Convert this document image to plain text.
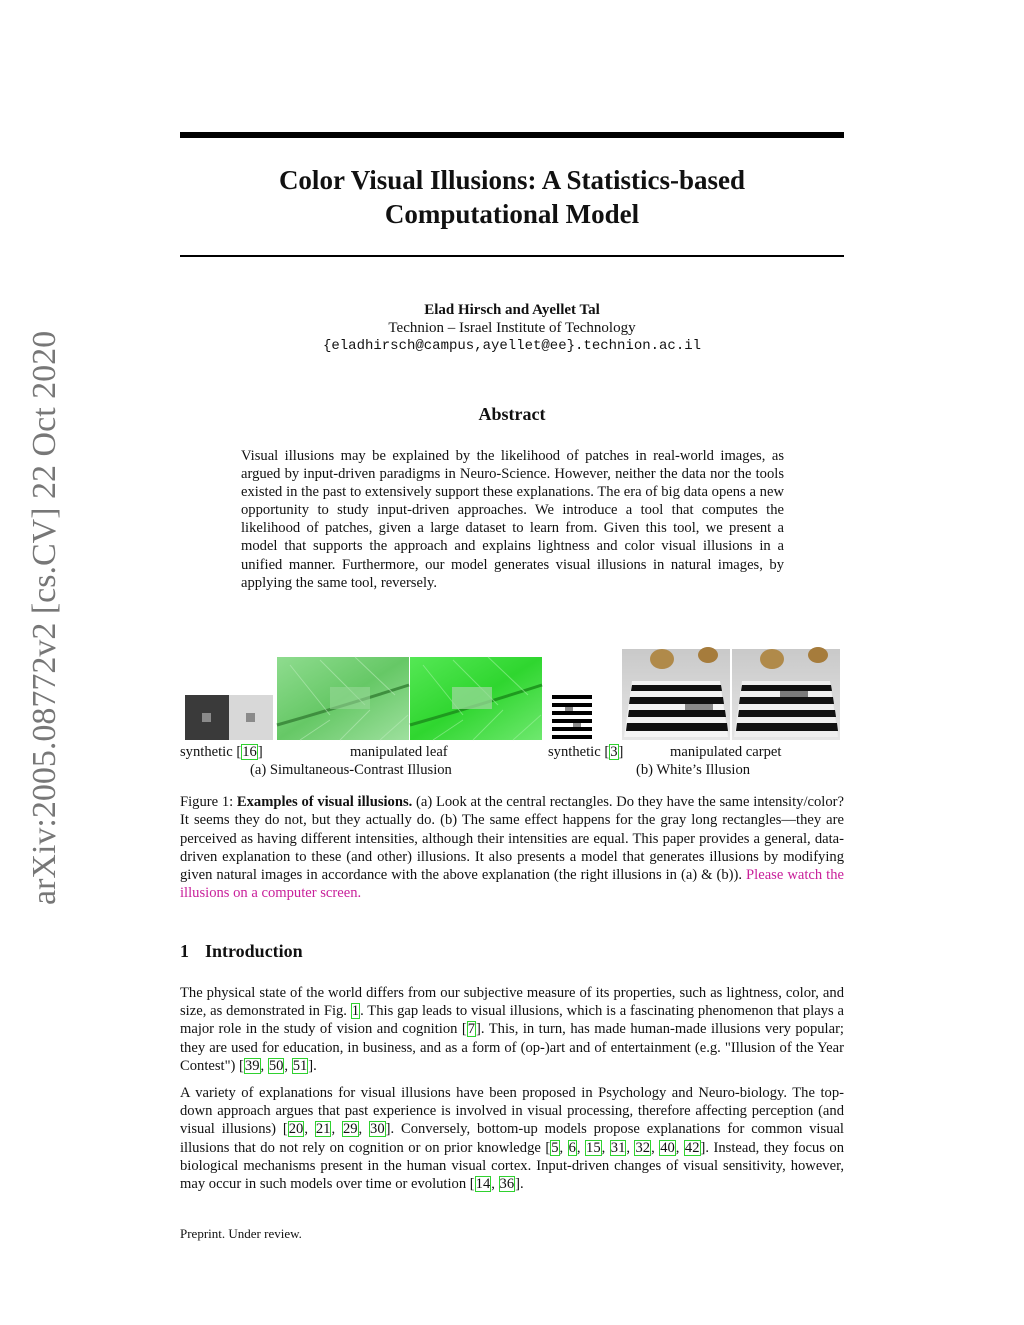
Color Visual Illusions: A Statistics-based
Computational Model
Elad Hirsch and Ayellet Tal
Technion – Israel Institute of Technology
{eladhirsch@campus,ayellet@ee}.technion.ac.il
arXiv:2005.08772v2 [cs.CV] 22 Oct 2020	Abstract
Visual illusions may be explained by the likelihood of patches in real-world images, as argued by input-driven paradigms in Neuro-Science. However, neither the data nor the tools existed in the past to extensively support these explanations. The era of big data opens a new opportunity to study input-driven approaches. We introduce a tool that computes the likelihood of patches, given a large dataset to learn from. Given this tool, we present a model that supports the approach and explains lightness and color visual illusions in a unified manner. Furthermore, our model generates visual illusions in natural images, by applying the same tool, reversely.
synthetic [16]	manipulated leaf	synthetic [3]	manipulated carpet
(a) Simultaneous-Contrast Illusion	(b) White’s Illusion
Figure 1: Examples of visual illusions. (a) Look at the central rectangles. Do they have the same intensity/color? It seems they do not, but they actually do. (b) The same effect happens for the gray long rectangles—they are perceived as having different intensities, although their intensities are equal. This paper provides a general, data-driven explanation to these (and other) illusions. It also presents a model that generates illusions by modifying given natural images in accordance with the above explanation (the right illusions in (a) & (b)). Please watch the illusions on a computer screen.
1 Introduction
The physical state of the world differs from our subjective measure of its properties, such as lightness, color, and size, as demonstrated in Fig. 1. This gap leads to visual illusions, which is a fascinating phenomenon that plays a major role in the study of vision and cognition [7]. This, in turn, has made human-made illusions very popular; they are used for education, in business, and as a form of (op-)art and of entertainment (e.g. "Illusion of the Year Contest") [39, 50, 51].
A variety of explanations for visual illusions have been proposed in Psychology and Neuro-biology. The top-down approach argues that past experience is involved in visual processing, therefore affecting perception (and visual illusions) [20, 21, 29, 30]. Conversely, bottom-up models propose explanations for common visual illusions that do not rely on cognition or on prior knowledge [5, 6, 15, 31, 32, 40, 42]. Instead, they focus on biological mechanisms present in the human visual cortex. Input-driven changes of visual sensitivity, however, may occur in such models over time or evolution [14, 36].
Preprint. Under review.
